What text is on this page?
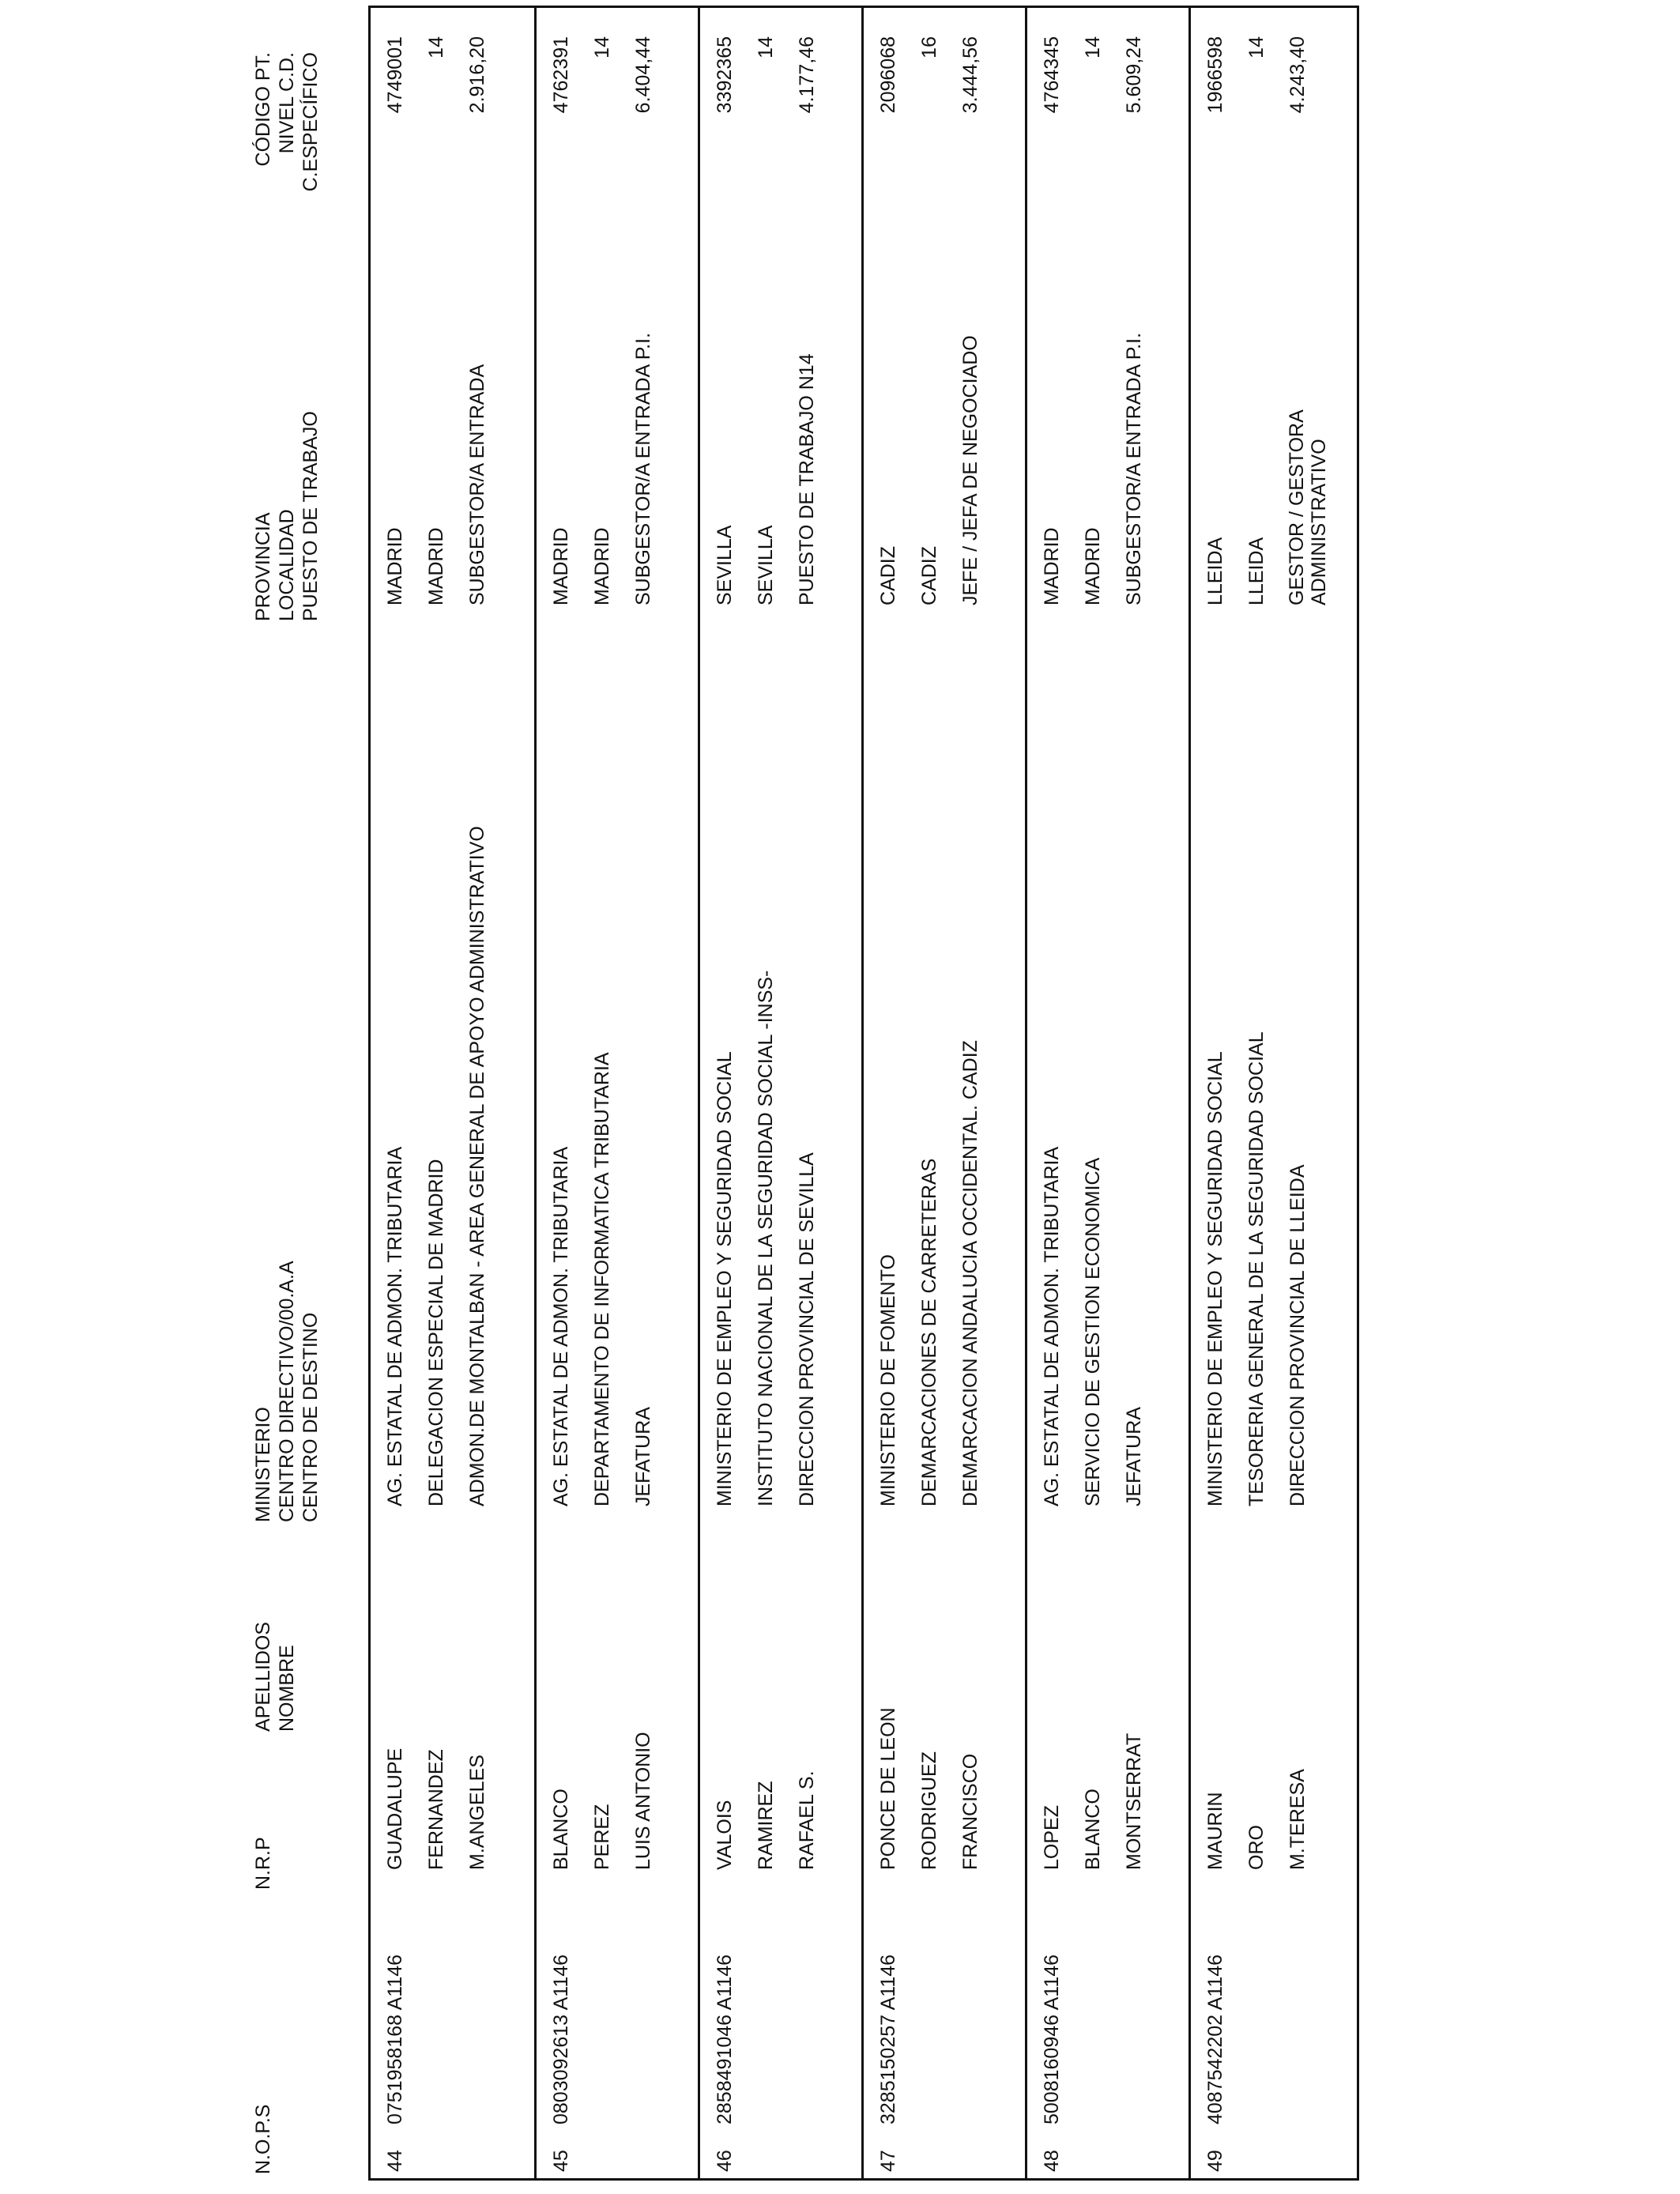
N.O.P.S
N.R.P
APELLIDOS NOMBRE
MINISTERIO CENTRO DIRECTIVO/00.A.A CENTRO DE DESTINO
PROVINCIA LOCALIDAD PUESTO DE TRABAJO
CÓDIGO PT. NIVEL C.D. C.ESPECÍFICO
44
0751958168 A1146
GUADALUPE FERNANDEZ M.ANGELES
AG. ESTATAL DE ADMON. TRIBUTARIA DELEGACION ESPECIAL DE MADRID ADMON.DE MONTALBAN - AREA GENERAL DE APOYO ADMINISTRATIVO
MADRID MADRID SUBGESTOR/A ENTRADA
4749001 14 2.916,20
45
0803092613 A1146
BLANCO PEREZ LUIS ANTONIO
AG. ESTATAL DE ADMON. TRIBUTARIA DEPARTAMENTO DE INFORMATICA TRIBUTARIA JEFATURA
MADRID MADRID SUBGESTOR/A ENTRADA P.I.
4762391 14 6.404,44
46
2858491046 A1146
VALOIS RAMIREZ RAFAEL S.
MINISTERIO DE EMPLEO Y SEGURIDAD SOCIAL INSTITUTO NACIONAL DE LA SEGURIDAD SOCIAL -INSS- DIRECCION PROVINCIAL DE SEVILLA
SEVILLA SEVILLA PUESTO DE TRABAJO N14
3392365 14 4.177,46
47
3285150257 A1146
PONCE DE LEON RODRIGUEZ FRANCISCO
MINISTERIO DE FOMENTO DEMARCACIONES DE CARRETERAS DEMARCACION ANDALUCIA OCCIDENTAL. CADIZ
CADIZ CADIZ JEFE / JEFA DE NEGOCIADO
2096068 16 3.444,56
48
5008160946 A1146
LOPEZ BLANCO MONTSERRAT
AG. ESTATAL DE ADMON. TRIBUTARIA SERVICIO DE GESTION ECONOMICA JEFATURA
MADRID MADRID SUBGESTOR/A ENTRADA P.I.
4764345 14 5.609,24
49
4087542202 A1146
MAURIN ORO M.TERESA
MINISTERIO DE EMPLEO Y SEGURIDAD SOCIAL TESORERIA GENERAL DE LA SEGURIDAD SOCIAL DIRECCION PROVINCIAL DE LLEIDA
LLEIDA LLEIDA GESTOR / GESTORA ADMINISTRATIVO
1966598 14 4.243,40
